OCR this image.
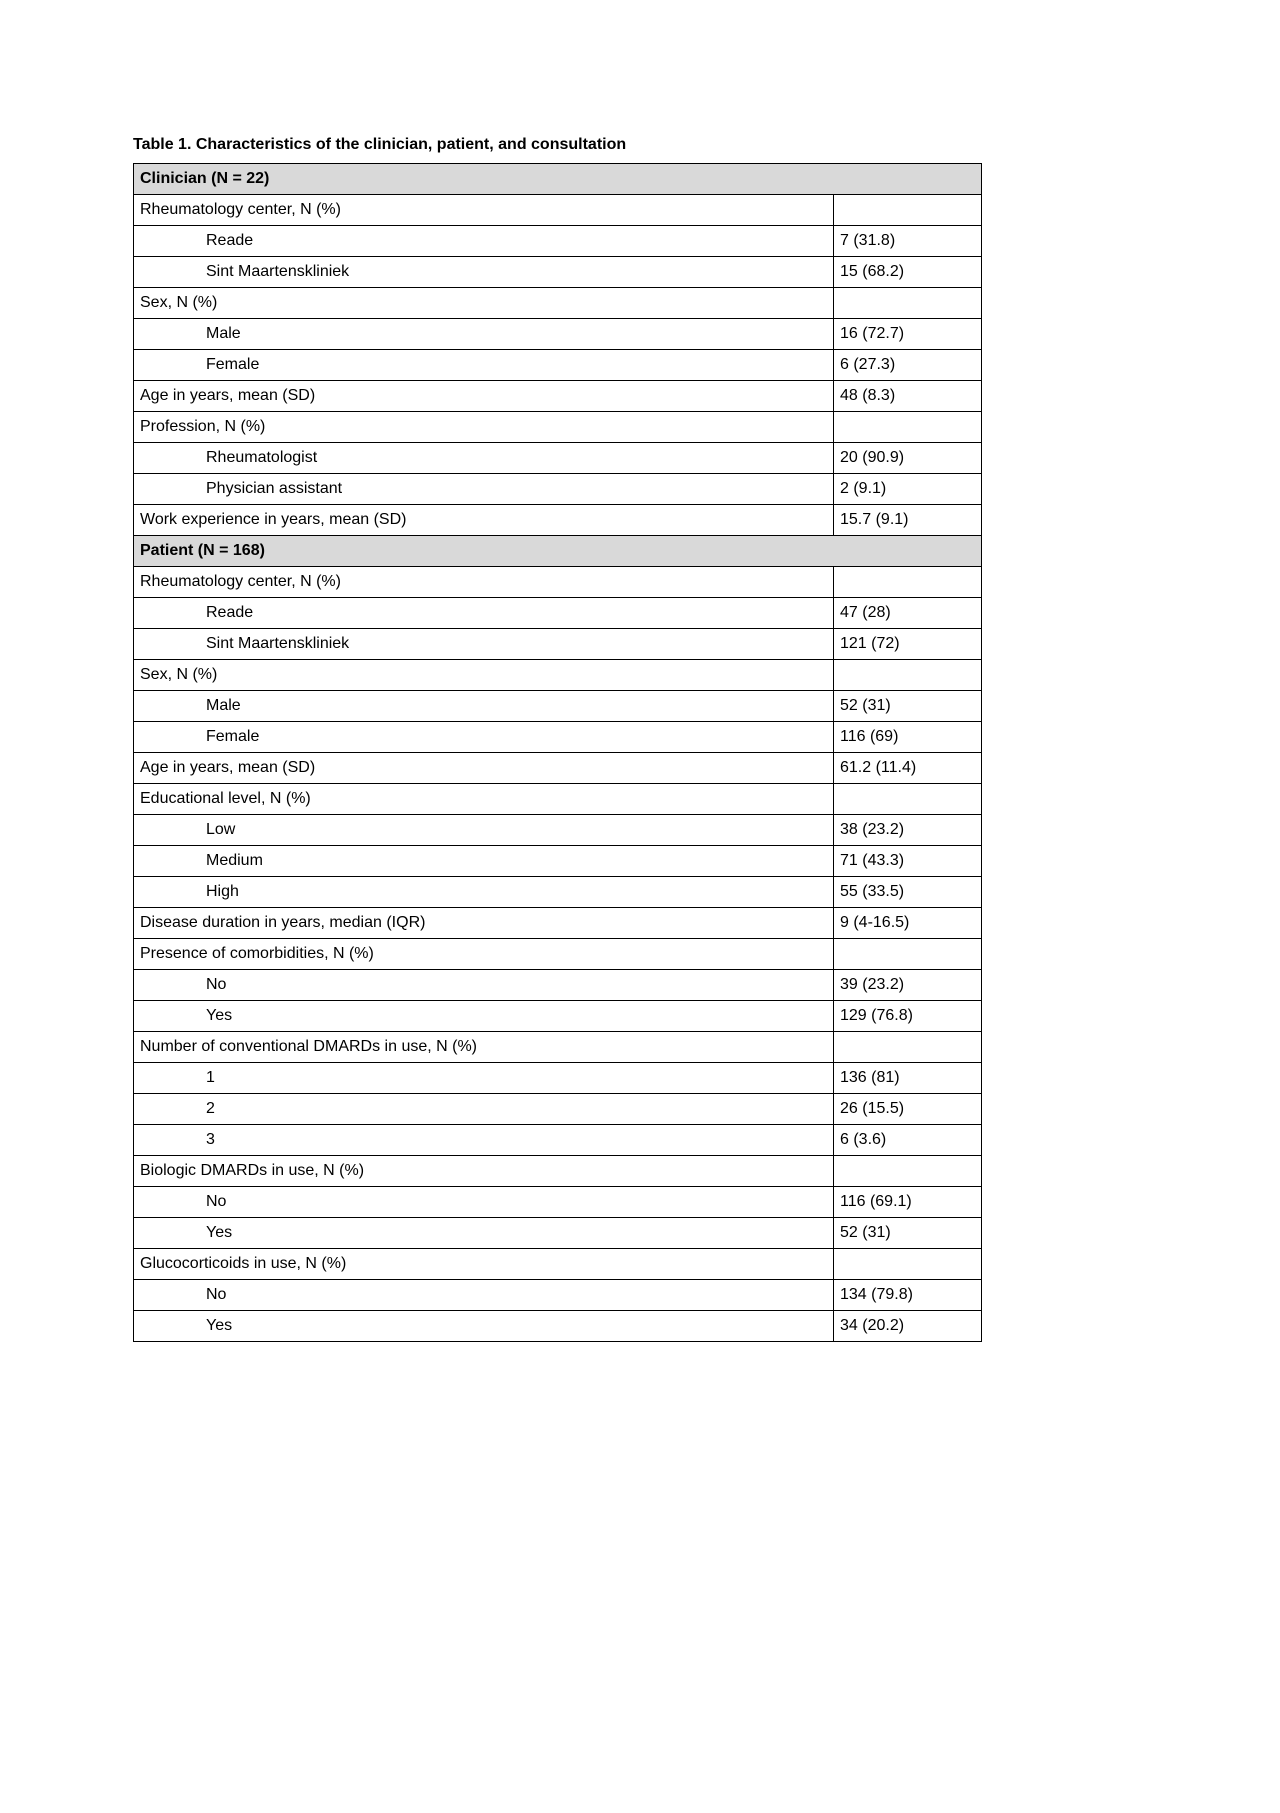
Table 1. Characteristics of the clinician, patient, and consultation
Clinician (N = 22)	
Rheumatology center, N (%)	
Reade	7 (31.8)
Sint Maartenskliniek	15 (68.2)
Sex, N (%)	
Male	16 (72.7)
Female	6 (27.3)
Age in years, mean (SD)	48 (8.3)
Profession, N (%)	
Rheumatologist	20 (90.9)
Physician assistant	2 (9.1)
Work experience in years, mean (SD)	15.7 (9.1)
Patient (N = 168)	
Rheumatology center, N (%)	
Reade	47 (28)
Sint Maartenskliniek	121 (72)
Sex, N (%)	
Male	52 (31)
Female	116 (69)
Age in years, mean (SD)	61.2 (11.4)
Educational level, N (%)	
Low	38 (23.2)
Medium	71 (43.3)
High	55 (33.5)
Disease duration in years, median (IQR)	9 (4-16.5)
Presence of comorbidities, N (%)	
No	39 (23.2)
Yes	129 (76.8)
Number of conventional DMARDs in use, N (%)	
1	136 (81)
2	26 (15.5)
3	6 (3.6)
Biologic DMARDs in use, N (%)	
No	116 (69.1)
Yes	52 (31)
Glucocorticoids in use, N (%)	
No	134 (79.8)
Yes	34 (20.2)
